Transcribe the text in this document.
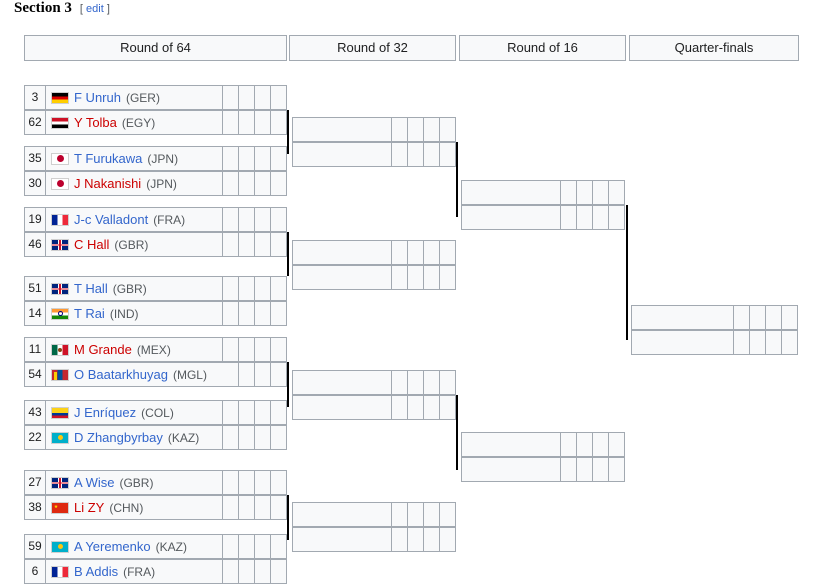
Section 3 [ edit ]
Round of 64	Round of 32	Round of 16	Quarter-finals
3	F Unruh (GER)
62	Y Tolba (EGY)
35	T Furukawa (JPN)
30	J Nakanishi (JPN)
19	J-c Valladont (FRA)
46	C Hall (GBR)
51	T Hall (GBR)
14	T Rai (IND)
11	M Grande (MEX)
54	O Baatarkhuyag (MGL)
43	J Enríquez (COL)
22	D Zhangbyrbay (KAZ)
27	A Wise (GBR)
38	Li ZY (CHN)
59	A Yeremenko (KAZ)
6	B Addis (FRA)
